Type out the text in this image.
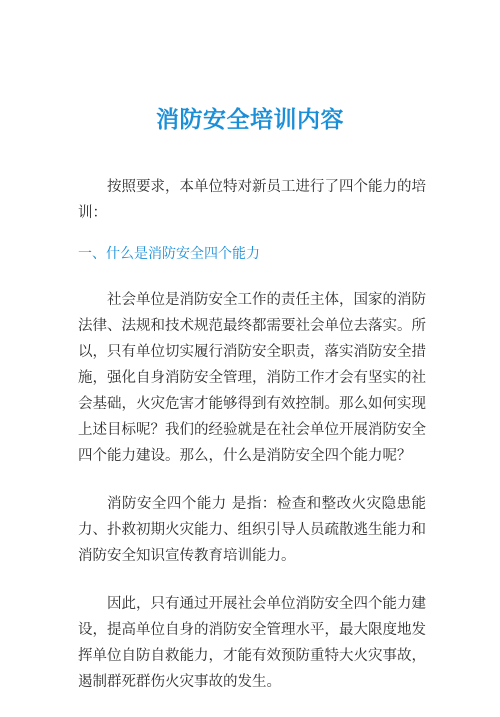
消防安全培训内容

按照要求，本单位特对新员工进行了四个能力的培训：

一、什么是消防安全四个能力

社会单位是消防安全工作的责任主体，国家的消防法律、法规和技术规范最终都需要社会单位去落实。所以，只有单位切实履行消防安全职责，落实消防安全措施，强化自身消防安全管理，消防工作才会有坚实的社会基础，火灾危害才能够得到有效控制。那么如何实现上述目标呢？我们的经验就是在社会单位开展消防安全四个能力建设。那么，什么是消防安全四个能力呢？

消防安全四个能力 是指：检查和整改火灾隐患能力、扑救初期火灾能力、组织引导人员疏散逃生能力和消防安全知识宣传教育培训能力。

因此，只有通过开展社会单位消防安全四个能力建设，提高单位自身的消防安全管理水平，最大限度地发挥单位自防自救能力，才能有效预防重特大火灾事故，遏制群死群伤火灾事故的发生。
